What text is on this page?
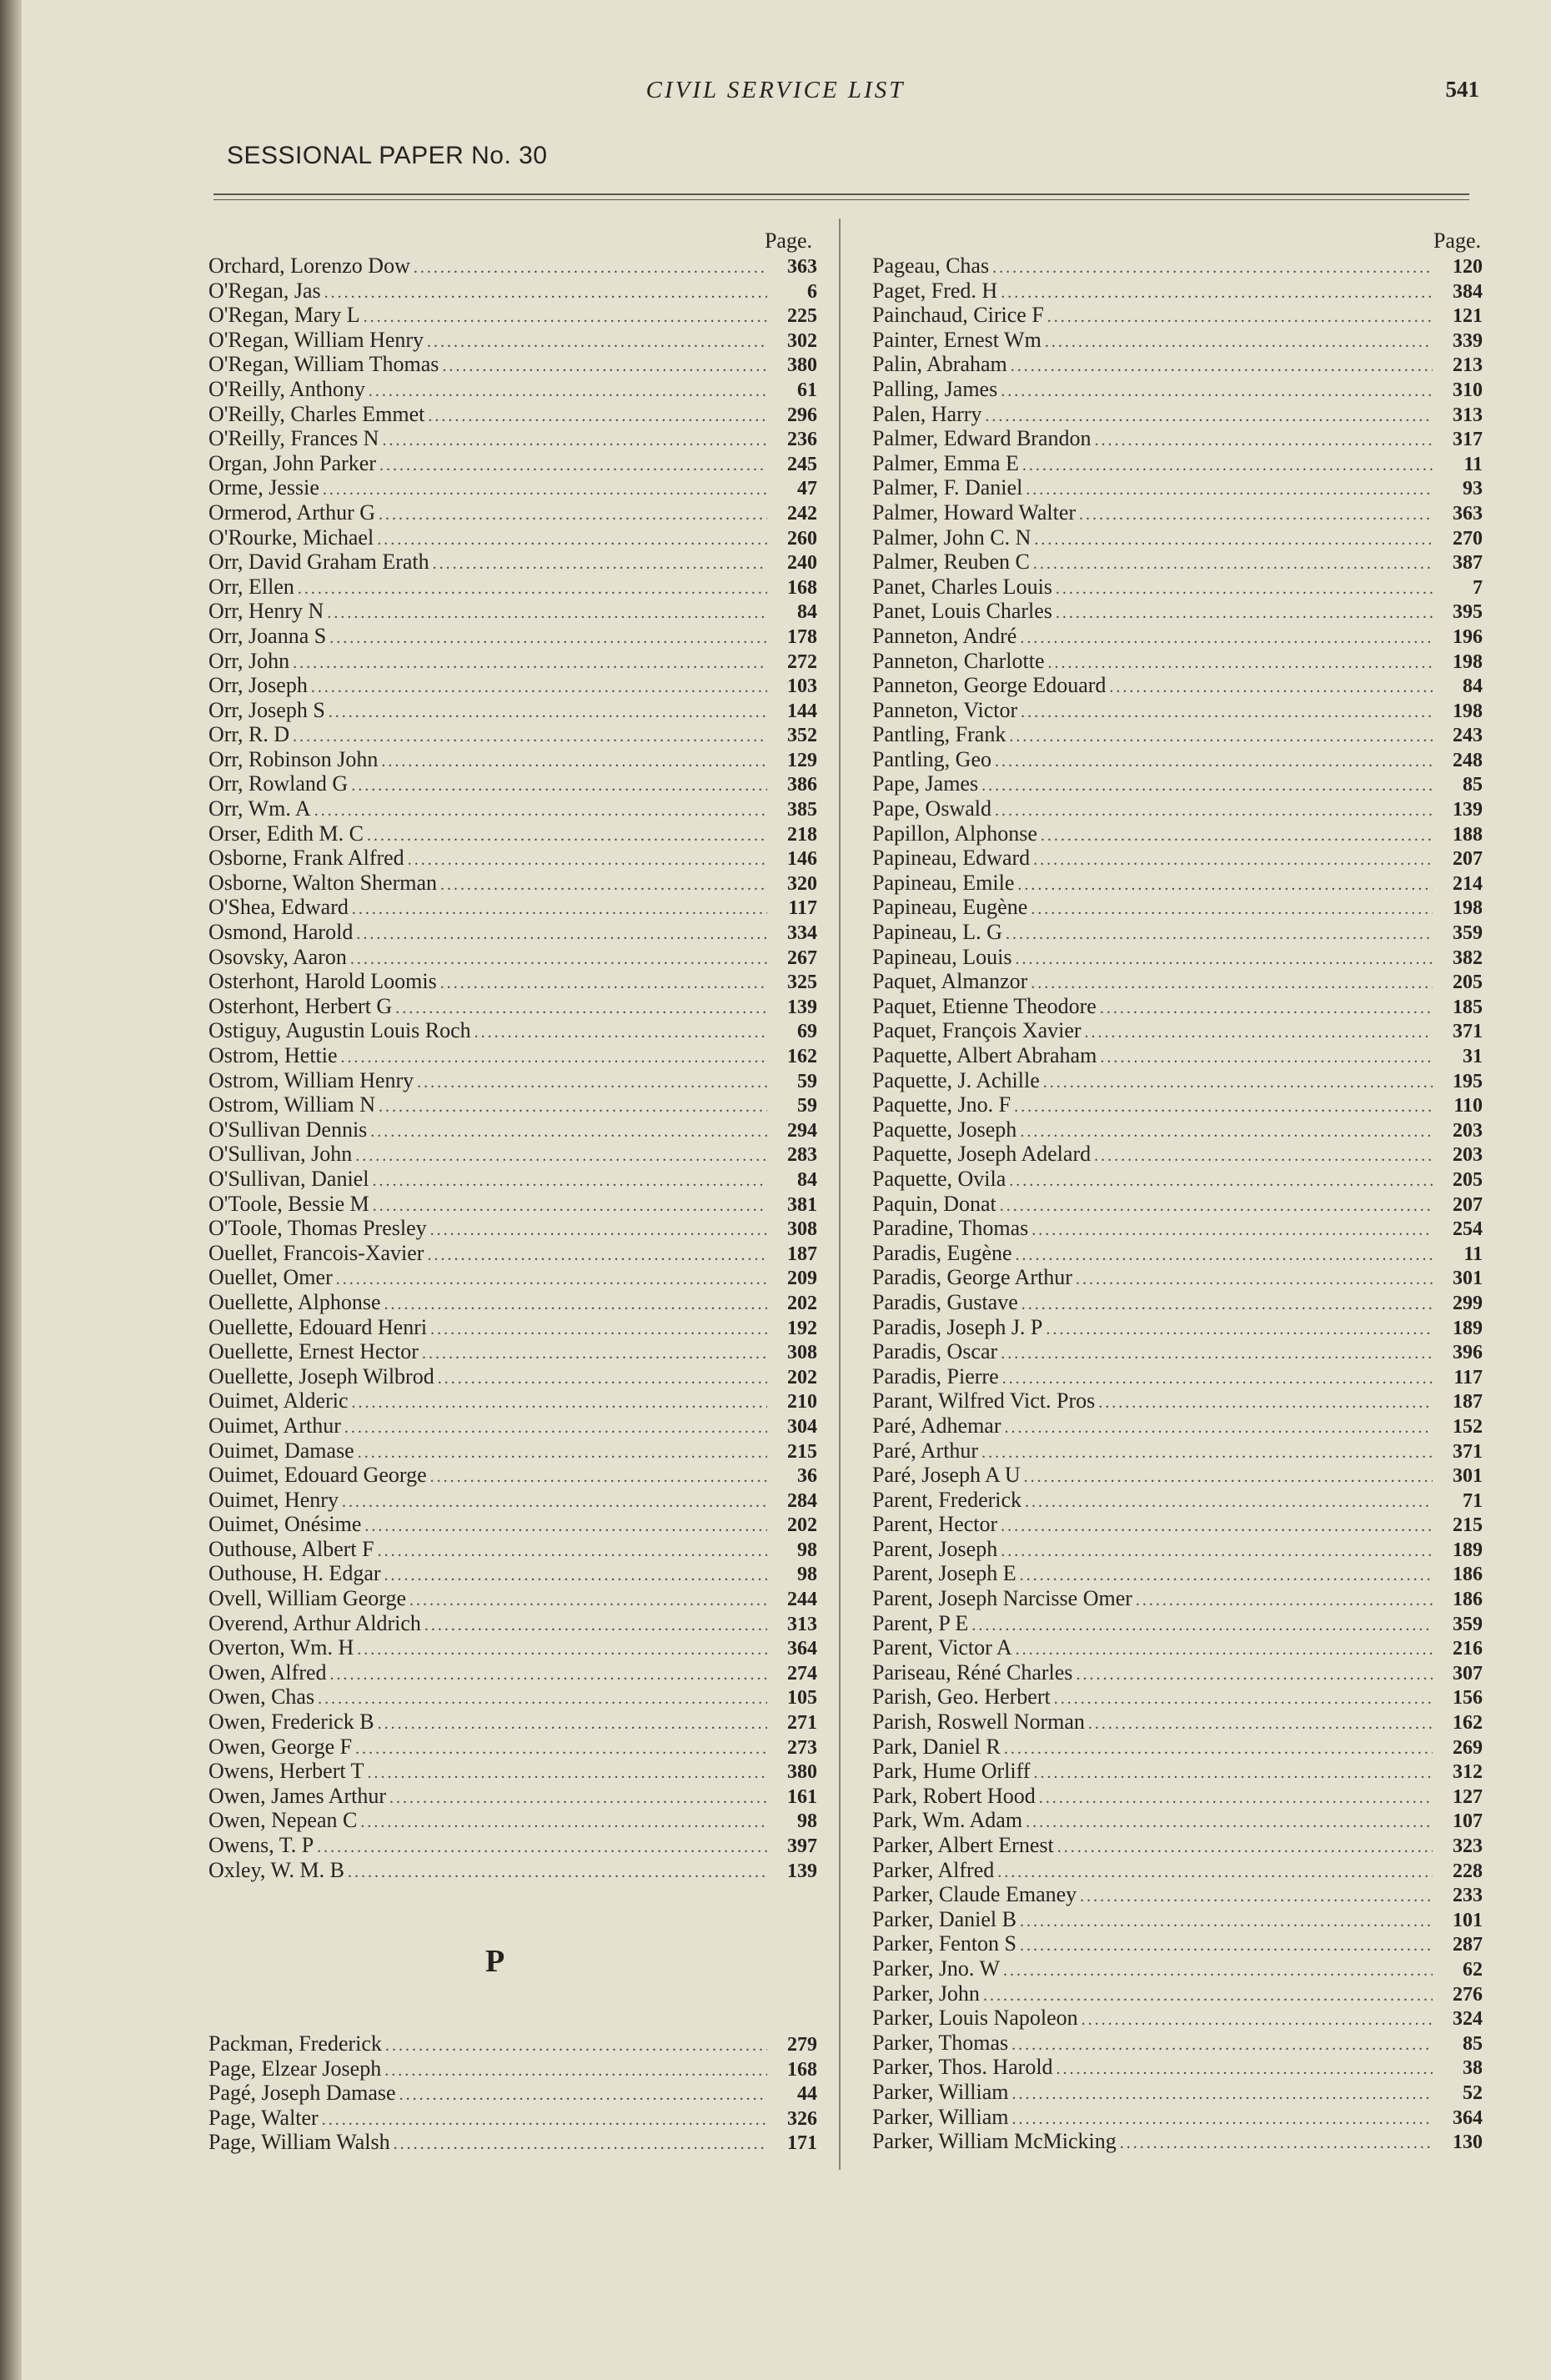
CIVIL SERVICE LIST	541
SESSIONAL PAPER No. 30
Page.
Orchard, Lorenzo Dow .....	363
O'Regan, Jas .....	6
O'Regan, Mary L .....	225
O'Regan, William Henry .....	302
O'Regan, William Thomas .....	380
O'Reilly, Anthony .....	61
O'Reilly, Charles Emmet .....	296
O'Reilly, Frances N .....	236
Organ, John Parker .....	245
Orme, Jessie .....	47
Ormerod, Arthur G .....	242
O'Rourke, Michael .....	260
Orr, David Graham Erath .....	240
Orr, Ellen .....	168
Orr, Henry N .....	84
Orr, Joanna S .....	178
Orr, John .....	272
Orr, Joseph .....	103
Orr, Joseph S .....	144
Orr, R. D .....	352
Orr, Robinson John .....	129
Orr, Rowland G .....	386
Orr, Wm. A .....	385
Orser, Edith M. C .....	218
Osborne, Frank Alfred .....	146
Osborne, Walton Sherman .....	320
O'Shea, Edward .....	117
Osmond, Harold .....	334
Osovsky, Aaron .....	267
Osterhont, Harold Loomis .....	325
Osterhont, Herbert G .....	139
Ostiguy, Augustin Louis Roch .....	69
Ostrom, Hettie .....	162
Ostrom, William Henry .....	59
Ostrom, William N .....	59
O'Sullivan Dennis .....	294
O'Sullivan, John .....	283
O'Sullivan, Daniel .....	84
O'Toole, Bessie M .....	381
O'Toole, Thomas Presley .....	308
Ouellet, Francois-Xavier .....	187
Ouellet, Omer .....	209
Ouellette, Alphonse .....	202
Ouellette, Edouard Henri .....	192
Ouellette, Ernest Hector .....	308
Ouellette, Joseph Wilbrod .....	202
Ouimet, Alderic .....	210
Ouimet, Arthur .....	304
Ouimet, Damase .....	215
Ouimet, Edouard George .....	36
Ouimet, Henry .....	284
Ouimet, Onésime .....	202
Outhouse, Albert F .....	98
Outhouse, H. Edgar .....	98
Ovell, William George .....	244
Overend, Arthur Aldrich .....	313
Overton, Wm. H .....	364
Owen, Alfred .....	274
Owen, Chas .....	105
Owen, Frederick B .....	271
Owen, George F .....	273
Owens, Herbert T .....	380
Owen, James Arthur .....	161
Owen, Nepean C .....	98
Owens, T. P .....	397
Oxley, W. M. B .....	139
P
Packman, Frederick .....	279
Page, Elzear Joseph .....	168
Pagé, Joseph Damase .....	44
Page, Walter .....	326
Page, William Walsh .....	171
Page.
Pageau, Chas .....	120
Paget, Fred. H .....	384
Painchaud, Cirice F .....	121
Painter, Ernest Wm .....	339
Palin, Abraham .....	213
Palling, James .....	310
Palen, Harry .....	313
Palmer, Edward Brandon .....	317
Palmer, Emma E .....	11
Palmer, F. Daniel .....	93
Palmer, Howard Walter .....	363
Palmer, John C. N .....	270
Palmer, Reuben C .....	387
Panet, Charles Louis .....	7
Panet, Louis Charles .....	395
Panneton, André .....	196
Panneton, Charlotte .....	198
Panneton, George Edouard .....	84
Panneton, Victor .....	198
Pantling, Frank .....	243
Pantling, Geo .....	248
Pape, James .....	85
Pape, Oswald .....	139
Papillon, Alphonse .....	188
Papineau, Edward .....	207
Papineau, Emile .....	214
Papineau, Eugène .....	198
Papineau, L. G .....	359
Papineau, Louis .....	382
Paquet, Almanzor .....	205
Paquet, Etienne Theodore .....	185
Paquet, François Xavier .....	371
Paquette, Albert Abraham .....	31
Paquette, J. Achille .....	195
Paquette, Jno. F .....	110
Paquette, Joseph .....	203
Paquette, Joseph Adelard .....	203
Paquette, Ovila .....	205
Paquin, Donat .....	207
Paradine, Thomas .....	254
Paradis, Eugène .....	11
Paradis, George Arthur .....	301
Paradis, Gustave .....	299
Paradis, Joseph J. P .....	189
Paradis, Oscar .....	396
Paradis, Pierre .....	117
Parant, Wilfred Vict. Pros .....	187
Paré, Adhemar .....	152
Paré, Arthur .....	371
Paré, Joseph A U .....	301
Parent, Frederick .....	71
Parent, Hector .....	215
Parent, Joseph .....	189
Parent, Joseph E .....	186
Parent, Joseph Narcisse Omer .....	186
Parent, P E .....	359
Parent, Victor A .....	216
Pariseau, Réné Charles .....	307
Parish, Geo. Herbert .....	156
Parish, Roswell Norman .....	162
Park, Daniel R .....	269
Park, Hume Orliff .....	312
Park, Robert Hood .....	127
Park, Wm. Adam .....	107
Parker, Albert Ernest .....	323
Parker, Alfred .....	228
Parker, Claude Emaney .....	233
Parker, Daniel B .....	101
Parker, Fenton S .....	287
Parker, Jno. W .....	62
Parker, John .....	276
Parker, Louis Napoleon .....	324
Parker, Thomas .....	85
Parker, Thos. Harold .....	38
Parker, William .....	52
Parker, William .....	364
Parker, William McMicking .....	130
